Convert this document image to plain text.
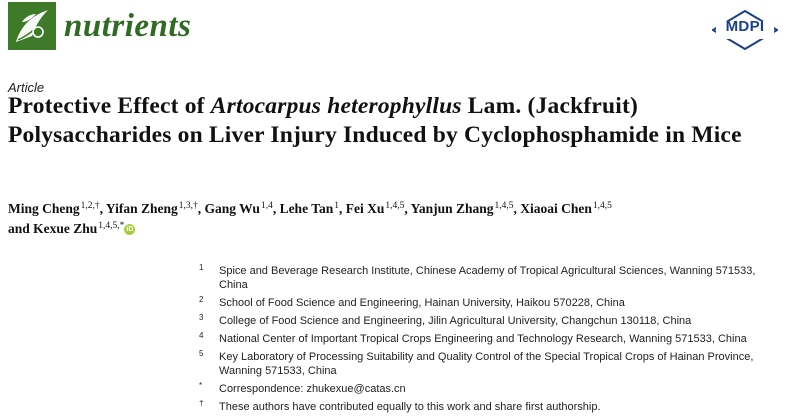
nutrients	MDPI
Article
Protective Effect of Artocarpus heterophyllus Lam. (Jackfruit) Polysaccharides on Liver Injury Induced by Cyclophosphamide in Mice
Ming Cheng$^{1,2,\dagger}$, Yifan Zheng$^{1,3,\dagger}$, Gang Wu$^{1,4}$, Lehe Tan$^1$, Fei Xu$^{1,4,5}$, Yanjun Zhang$^{1,4,5}$, Xiaoai Chen$^{1,4,5}$
and Kexue Zhu$^{1,4,5,*}$ iD
1 Spice and Beverage Research Institute, Chinese Academy of Tropical Agricultural Sciences, Wanning 571533, China
2 School of Food Science and Engineering, Hainan University, Haikou 570228, China
3 College of Food Science and Engineering, Jilin Agricultural University, Changchun 130118, China
4 National Center of Important Tropical Crops Engineering and Technology Research, Wanning 571533, China
5 Key Laboratory of Processing Suitability and Quality Control of the Special Tropical Crops of Hainan Province, Wanning 571533, China
* Correspondence: zhukexue@catas.cn
† These authors have contributed equally to this work and share first authorship.
